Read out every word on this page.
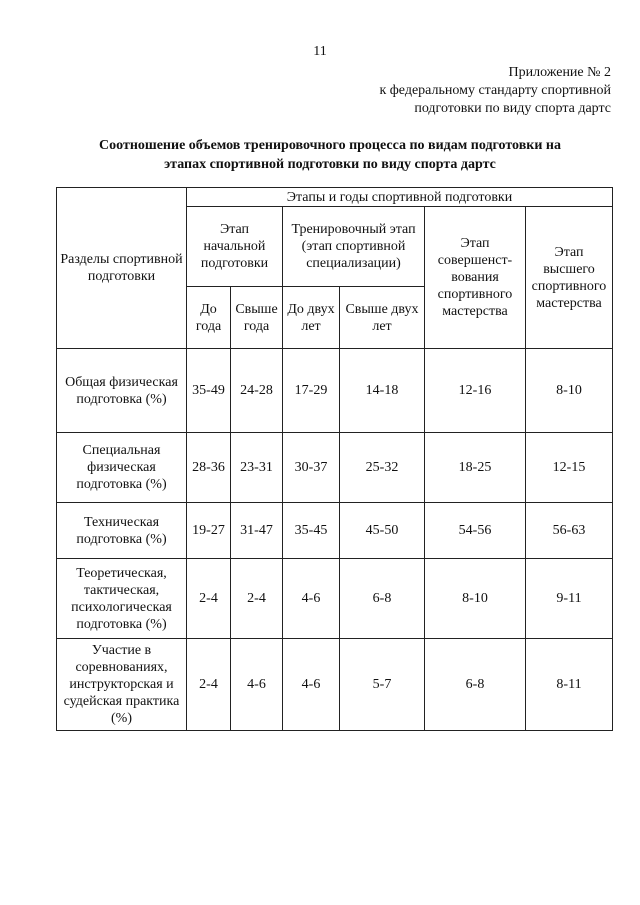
11
Приложение № 2
к федеральному стандарту спортивной
подготовки по виду спорта дартс
Соотношение объемов тренировочного процесса по видам подготовки на
этапах спортивной подготовки по виду спорта дартс
Разделы спортивной подготовки	Этапы и годы спортивной подготовки					
	Этап начальной подготовки		Тренировочный этап (этап спортивной специализации)		Этап совершенст-вования спортивного мастерства	Этап высшего спортивного мастерства
	До года	Свыше года	До двух лет	Свыше двух лет		
Общая физическая подготовка (%)	35-49	24-28	17-29	14-18	12-16	8-10
Специальная физическая подготовка (%)	28-36	23-31	30-37	25-32	18-25	12-15
Техническая подготовка (%)	19-27	31-47	35-45	45-50	54-56	56-63
Теоретическая, тактическая, психологическая подготовка (%)	2-4	2-4	4-6	6-8	8-10	9-11
Участие в соревнованиях, инструкторская и судейская практика (%)	2-4	4-6	4-6	5-7	6-8	8-11
